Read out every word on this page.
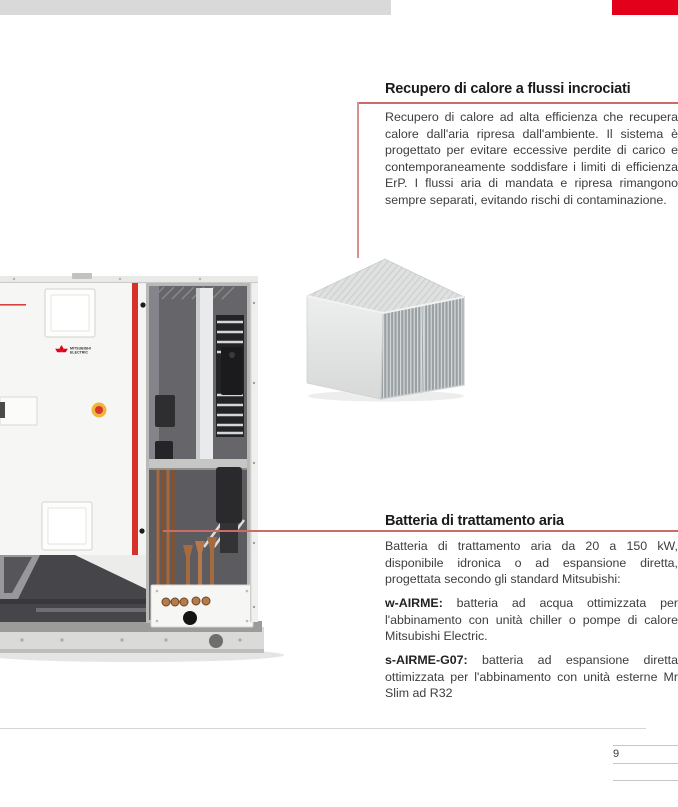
Recupero di calore a flussi incrociati
Recupero di calore ad alta efficienza che recupera calore dall'aria ripresa dall'ambiente. Il sistema è progettato per evitare eccessive perdite di carico e contemporaneamente soddisfare i limiti di efficienza ErP. I flussi aria di mandata e ripresa rimangono sempre separati, evitando rischi di contaminazione.
MITSUBISHI
ELECTRIC
Batteria di trattamento aria
Batteria di trattamento aria da 20 a 150 kW, disponibile idronica o ad espansione diretta, progettata secondo gli standard Mitsubishi:

w-AIRME: batteria ad acqua ottimizzata per l'abbinamento con unità chiller o pompe di calore Mitsubishi Electric.

s-AIRME-G07: batteria ad espansione diretta ottimizzata per l'abbinamento con unità esterne Mr Slim ad R32

9
